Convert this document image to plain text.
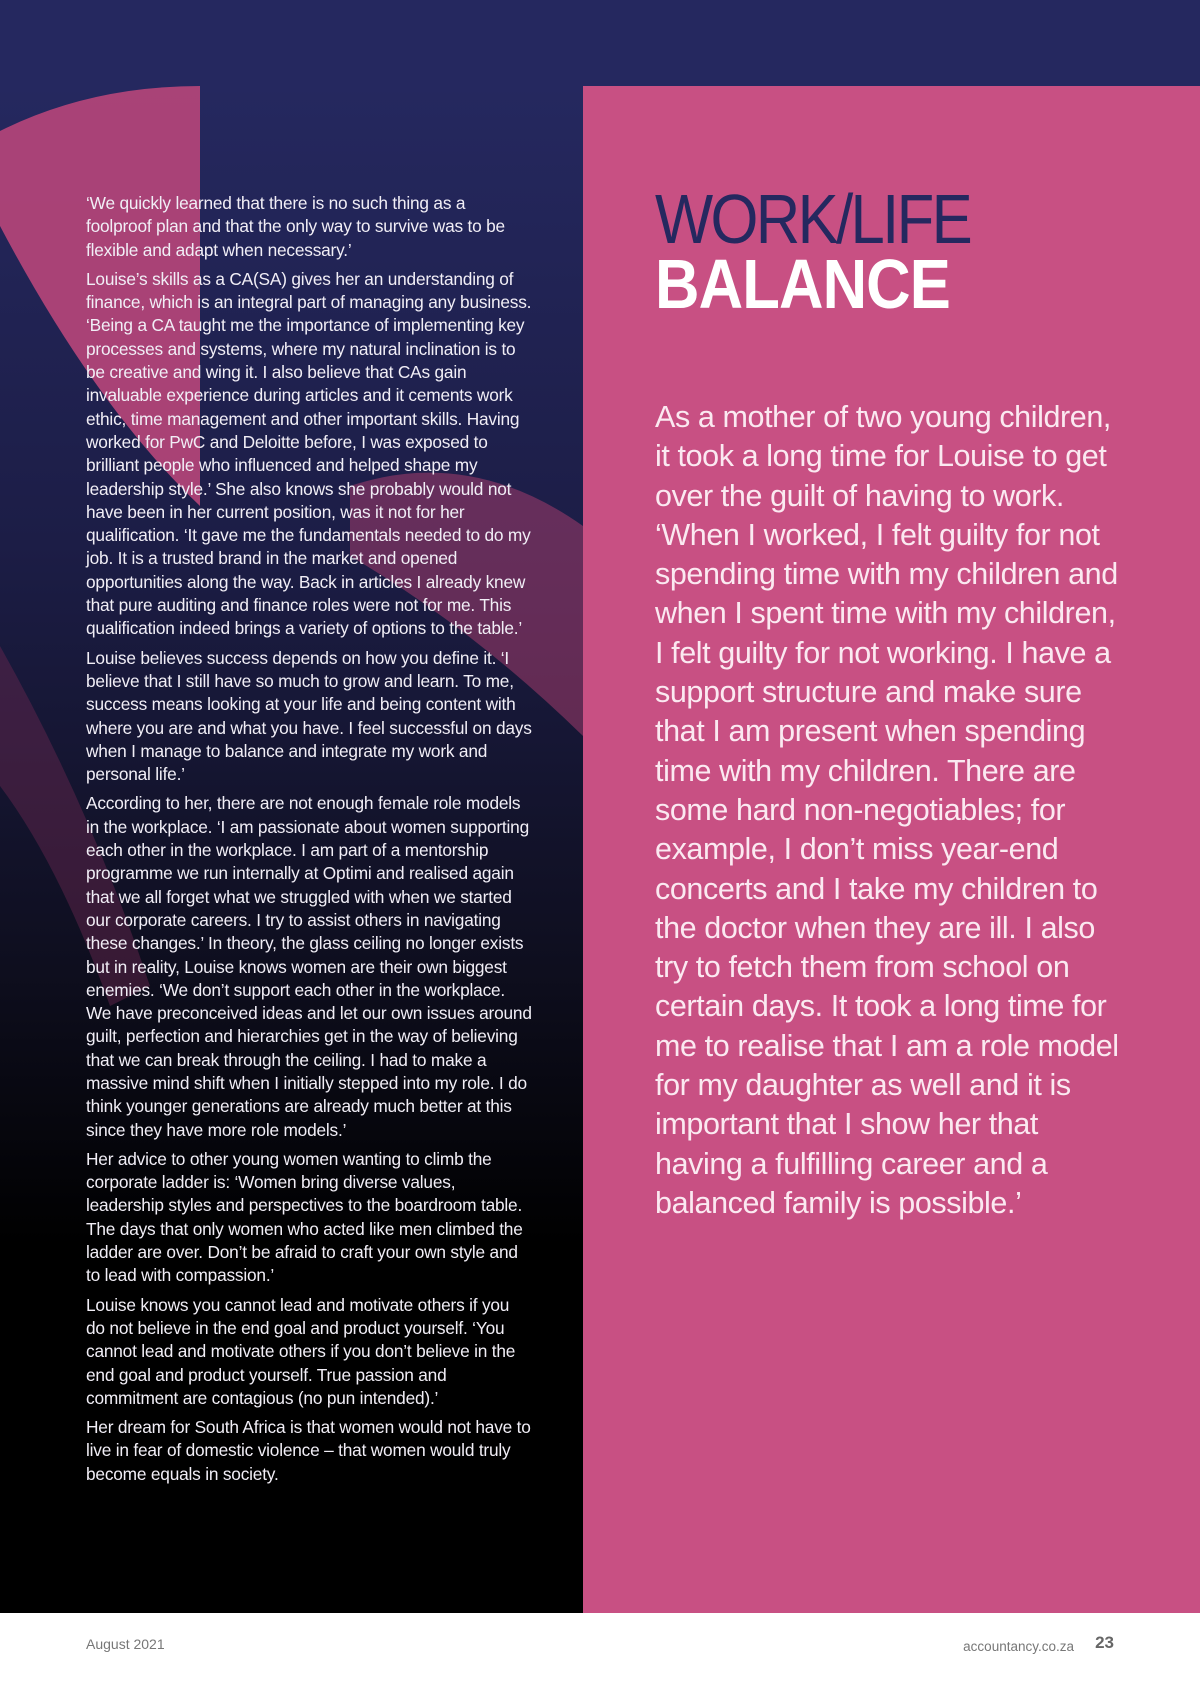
‘We quickly learned that there is no such thing as a foolproof plan and that the only way to survive was to be flexible and adapt when necessary.’

Louise’s skills as a CA(SA) gives her an understanding of finance, which is an integral part of managing any business. ‘Being a CA taught me the importance of implementing key processes and systems, where my natural inclination is to be creative and wing it. I also believe that CAs gain invaluable experience during articles and it cements work ethic, time management and other important skills. Having worked for PwC and Deloitte before, I was exposed to brilliant people who influenced and helped shape my leadership style.’ She also knows she probably would not have been in her current position, was it not for her qualification. ‘It gave me the fundamentals needed to do my job. It is a trusted brand in the market and opened opportunities along the way. Back in articles I already knew that pure auditing and finance roles were not for me. This qualification indeed brings a variety of options to the table.’

Louise believes success depends on how you define it. ‘I believe that I still have so much to grow and learn. To me, success means looking at your life and being content with where you are and what you have. I feel successful on days when I manage to balance and integrate my work and personal life.’

According to her, there are not enough female role models in the workplace. ‘I am passionate about women supporting each other in the workplace. I am part of a mentorship programme we run internally at Optimi and realised again that we all forget what we struggled with when we started our corporate careers. I try to assist others in navigating these changes.’ In theory, the glass ceiling no longer exists but in reality, Louise knows women are their own biggest enemies. ‘We don’t support each other in the workplace. We have preconceived ideas and let our own issues around guilt, perfection and hierarchies get in the way of believing that we can break through the ceiling. I had to make a massive mind shift when I initially stepped into my role. I do think younger generations are already much better at this since they have more role models.’

Her advice to other young women wanting to climb the corporate ladder is: ‘Women bring diverse values, leadership styles and perspectives to the boardroom table. The days that only women who acted like men climbed the ladder are over. Don’t be afraid to craft your own style and to lead with compassion.’

Louise knows you cannot lead and motivate others if you do not believe in the end goal and product yourself. ‘You cannot lead and motivate others if you don’t believe in the end goal and product yourself. True passion and commitment are contagious (no pun intended).’

Her dream for South Africa is that women would not have to live in fear of domestic violence – that women would truly become equals in society.

WORK/LIFE
BALANCE

As a mother of two young children, it took a long time for Louise to get over the guilt of having to work. ‘When I worked, I felt guilty for not spending time with my children and when I spent time with my children, I felt guilty for not working. I have a support structure and make sure that I am present when spending time with my children. There are some hard non-negotiables; for example, I don’t miss year-end concerts and I take my children to the doctor when they are ill. I also try to fetch them from school on certain days. It took a long time for me to realise that I am a role model for my daughter as well and it is important that I show her that having a fulfilling career and a balanced family is possible.’

August 2021	accountancy.co.za 23
